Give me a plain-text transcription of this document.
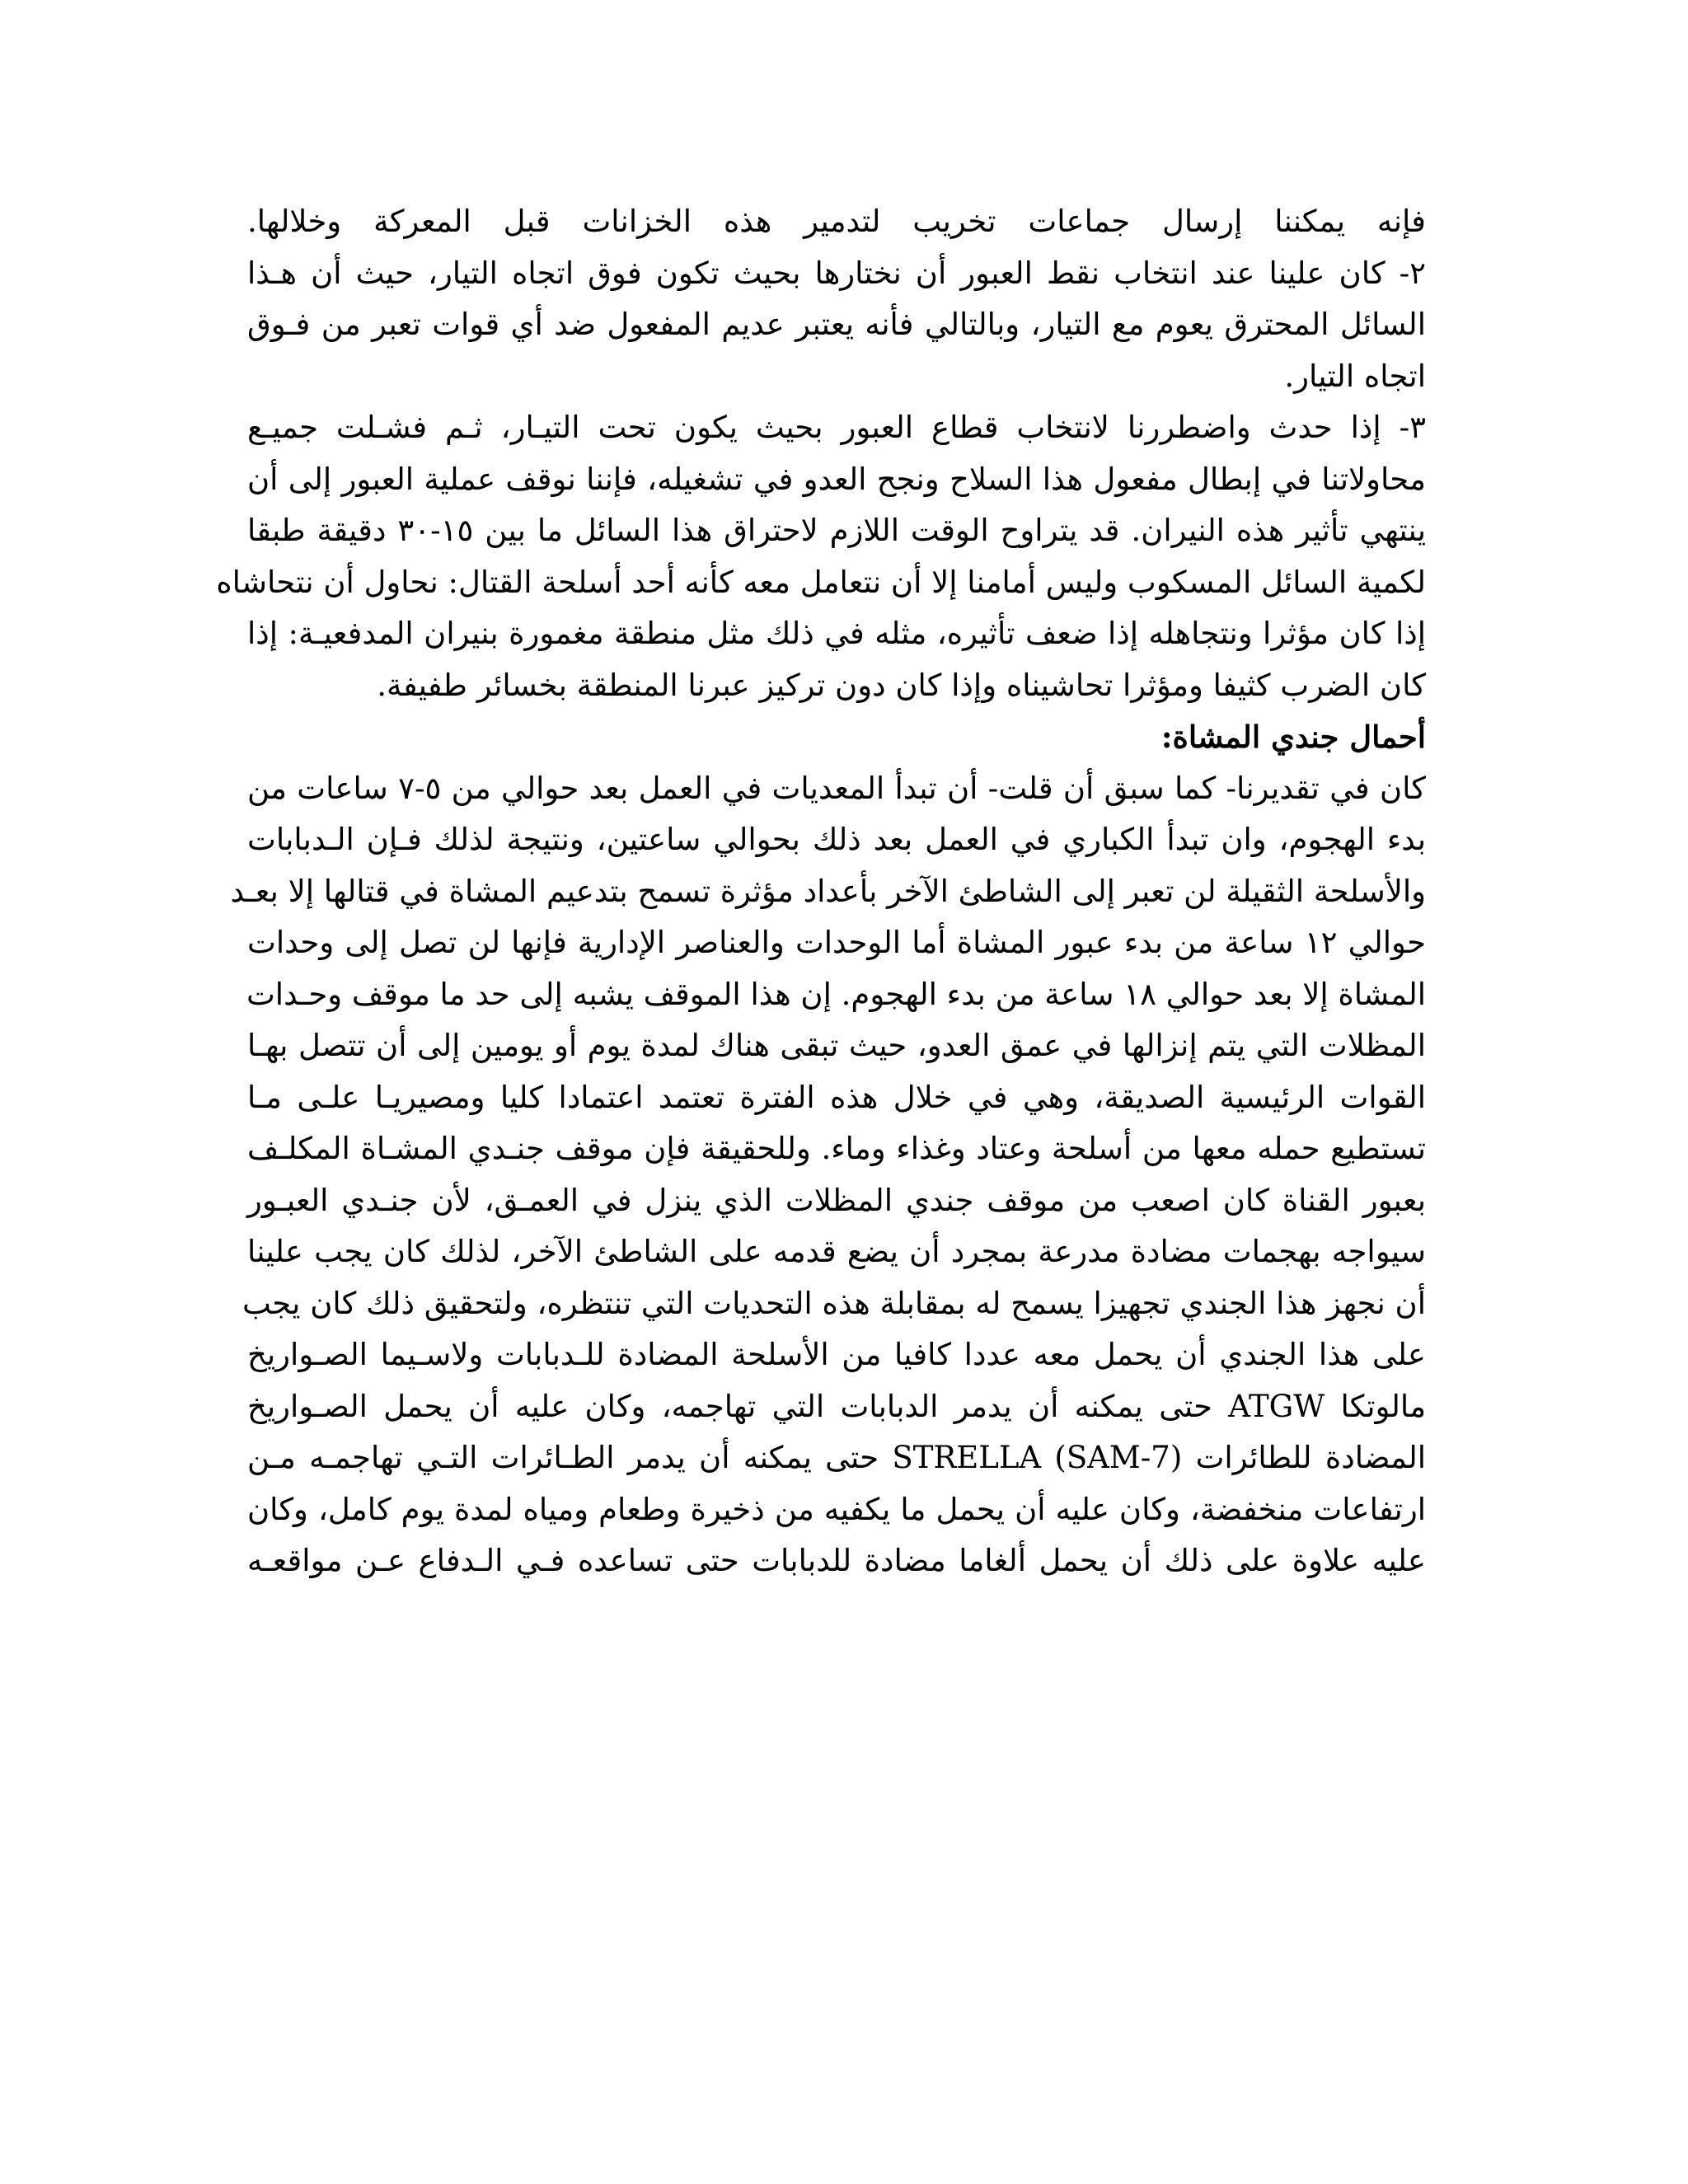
فإنه يمكننا إرسال جماعات تخريب لتدمير هذه الخزانات قبل المعركة وخلالها.
٢- كان علينا عند انتخاب نقط العبور أن نختارها بحيث تكون فوق اتجاه التيار، حيث أن هـذا
السائل المحترق يعوم مع التيار، وبالتالي فأنه يعتبر عديم المفعول ضد أي قوات تعبر من فـوق
اتجاه التيار.
٣- إذا حدث واضطررنا لانتخاب قطاع العبور بحيث يكون تحت التيـار، ثـم فشـلت جميـع
محاولاتنا في إبطال مفعول هذا السلاح ونجح العدو في تشغيله، فإننا نوقف عملية العبور إلى أن
ينتهي تأثير هذه النيران. قد يتراوح الوقت اللازم لاحتراق هذا السائل ما بين ١٥-٣٠ دقيقة طبقا
لكمية السائل المسكوب وليس أمامنا إلا أن نتعامل معه كأنه أحد أسلحة القتال: نحاول أن نتحاشاه
إذا كان مؤثرا ونتجاهله إذا ضعف تأثيره، مثله في ذلك مثل منطقة مغمورة بنيران المدفعيـة: إذا
كان الضرب كثيفا ومؤثرا تحاشيناه وإذا كان دون تركيز عبرنا المنطقة بخسائر طفيفة.
أحمال جندي المشاة:
كان في تقديرنا- كما سبق أن قلت- أن تبدأ المعديات في العمل بعد حوالي من ٥-٧ ساعات من
بدء الهجوم، وان تبدأ الكباري في العمل بعد ذلك بحوالي ساعتين، ونتيجة لذلك فـإن الـدبابات
والأسلحة الثقيلة لن تعبر إلى الشاطئ الآخر بأعداد مؤثرة تسمح بتدعيم المشاة في قتالها إلا بعـد
حوالي ١٢ ساعة من بدء عبور المشاة أما الوحدات والعناصر الإدارية فإنها لن تصل إلى وحدات
المشاة إلا بعد حوالي ١٨ ساعة من بدء الهجوم. إن هذا الموقف يشبه إلى حد ما موقف وحـدات
المظلات التي يتم إنزالها في عمق العدو، حيث تبقى هناك لمدة يوم أو يومين إلى أن تتصل بهـا
القوات الرئيسية الصديقة، وهي في خلال هذه الفترة تعتمد اعتمادا كليا ومصيريـا علـى مـا
تستطيع حمله معها من أسلحة وعتاد وغذاء وماء. وللحقيقة فإن موقف جنـدي المشـاة المكلـف
بعبور القناة كان اصعب من موقف جندي المظلات الذي ينزل في العمـق، لأن جنـدي العبـور
سيواجه بهجمات مضادة مدرعة بمجرد أن يضع قدمه على الشاطئ الآخر، لذلك كان يجب علينا
أن نجهز هذا الجندي تجهيزا يسمح له بمقابلة هذه التحديات التي تنتظره، ولتحقيق ذلك كان يجب
على هذا الجندي أن يحمل معه عددا كافيا من الأسلحة المضادة للـدبابات ولاسـيما الصـواريخ
مالوتكا ATGW حتى يمكنه أن يدمر الدبابات التي تهاجمه، وكان عليه أن يحمل الصـواريخ
المضادة للطائرات STRELLA (SAM-7) حتى يمكنه أن يدمر الطـائرات التـي تهاجمـه مـن
ارتفاعات منخفضة، وكان عليه أن يحمل ما يكفيه من ذخيرة وطعام ومياه لمدة يوم كامل، وكان
عليه علاوة على ذلك أن يحمل ألغاما مضادة للدبابات حتى تساعده فـي الـدفاع عـن مواقعـه
